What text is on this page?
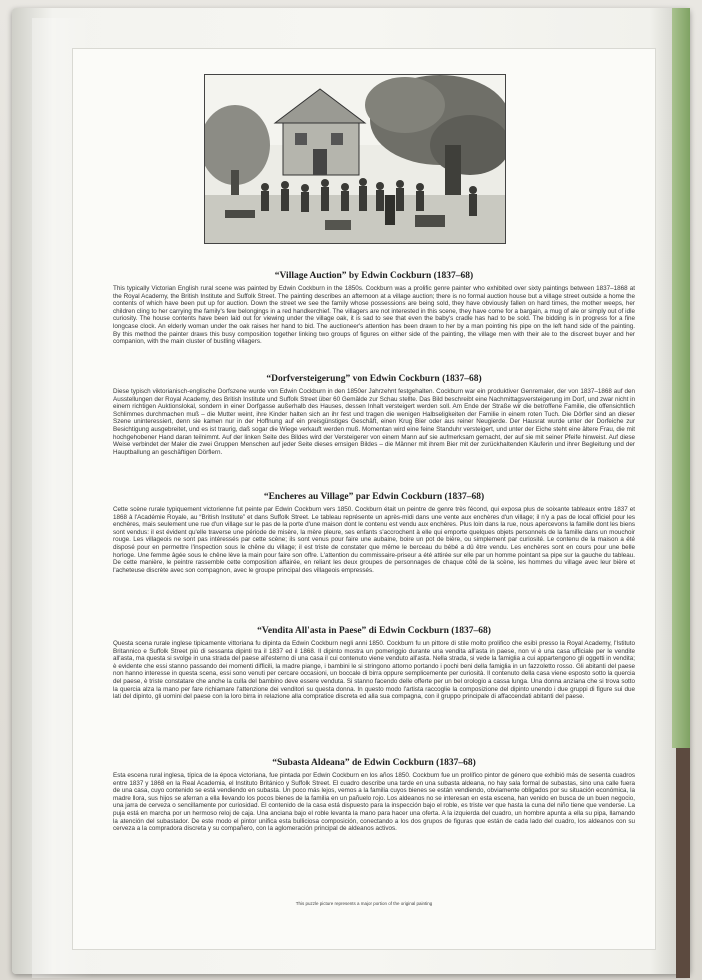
“Village Auction” by Edwin Cockburn (1837–68)

This typically Victorian English rural scene was painted by Edwin Cockburn in the 1850s. Cockburn was a prolific genre painter who exhibited over sixty paintings between 1837–1868 at the Royal Academy, the British Institute and Suffolk Street. The painting describes an afternoon at a village auction; there is no formal auction house but a village street outside a home the contents of which have been put up for auction. Down the street we see the family whose possessions are being sold, they have obviously fallen on hard times, the mother weeps, her children cling to her carrying the family's few belongings in a red handkerchief. The villagers are not interested in this scene, they have come for a bargain, a mug of ale or simply out of idle curiosity. The house contents have been laid out for viewing under the village oak, it is sad to see that even the baby's cradle has had to be sold. The bidding is in progress for a fine longcase clock. An elderly woman under the oak raises her hand to bid. The auctioneer's attention has been drawn to her by a man pointing his pipe on the left hand side of the painting. By this method the painter draws this busy composition together linking two groups of figures on either side of the painting, the village men with their ale to the discreet buyer and her companion, with the main cluster of bustling villagers.

“Dorfversteigerung” von Edwin Cockburn (1837–68)

Diese typisch viktorianisch-englische Dorfszene wurde von Edwin Cockburn in den 1850er Jahrzehnt festgehalten. Cockburn war ein produktiver Genremaler, der von 1837–1868 auf den Ausstellungen der Royal Academy, des British Institute und Suffolk Street über 60 Gemälde zur Schau stellte. Das Bild beschreibt eine Nachmittagsversteigerung im Dorf, und zwar nicht in einem richtigen Auktionslokal, sondern in einer Dorfgasse außerhalb des Hauses, dessen Inhalt versteigert werden soll. Am Ende der Straße wir die betroffene Familie, die offensichtlich Schlimmes durchmachen muß – die Mutter weint, ihre Kinder halten sich an ihr fest und tragen die wenigen Halbseligkeiten der Familie in einem roten Tuch. Die Dörfler sind an dieser Szene uninteressiert, denn sie kamen nur in der Hoffnung auf ein preisgünstiges Geschäft, einen Krug Bier oder aus reiner Neugierde. Der Hausrat wurde unter der Dorfeiche zur Besichtigung ausgebreitet, und es ist traurig, daß sogar die Wiege verkauft werden muß. Momentan wird eine feine Standuhr versteigert, und unter der Eiche steht eine ältere Frau, die mit hochgehobener Hand daran teilnimmt. Auf der linken Seite des Bildes wird der Versteigerer von einem Mann auf sie aufmerksam gemacht, der auf sie mit seiner Pfeife hinweist. Auf diese Weise verbindet der Maler die zwei Gruppen Menschen auf jeder Seite dieses emsigen Bildes – die Männer mit ihrem Bier mit der zurückhaltenden Käuferin und ihrer Begleitung und der Hauptballung an geschäftigen Dörflern.

“Encheres au Village” par Edwin Cockburn (1837–68)

Cette scène rurale typiquement victorienne fut peinte par Edwin Cockburn vers 1850. Cockburn était un peintre de genre très fécond, qui exposa plus de soixante tableaux entre 1837 et 1868 à l'Académie Royale, au “British Institute” et dans Suffolk Street. Le tableau représente un après-midi dans une vente aux enchères d'un village; il n'y a pas de local officiel pour les enchères, mais seulement une rue d'un village sur le pas de la porte d'une maison dont le contenu est vendu aux enchères. Plus loin dans la rue, nous apercevons la famille dont les biens sont vendus: il est évident qu'elle traverse une période de misère, la mère pleure, ses enfants s'accrochent à elle qui emporte quelques objets personnels de la famille dans un mouchoir rouge. Les villageois ne sont pas intéressés par cette scène; ils sont venus pour faire une aubaine, boire un pot de bière, ou simplement par curiosité. Le contenu de la maison a été disposé pour en permettre l'inspection sous le chêne du village; il est triste de constater que même le berceau du bébé a dû être vendu. Les enchères sont en cours pour une belle horloge. Une femme âgée sous le chêne lève la main pour faire son offre. L'attention du commissaire-priseur a été attirée sur elle par un homme pointant sa pipe sur la gauche du tableau. De cette manière, le peintre rassemble cette composition affairée, en reliant les deux groupes de personnages de chaque côté de la scène, les hommes du village avec leur bière et l'acheteuse discrète avec son compagnon, avec le groupe principal des villageois empressés.

“Vendita All'asta in Paese” di Edwin Cockburn (1837–68)

Questa scena rurale inglese tipicamente vittoriana fu dipinta da Edwin Cockburn negli anni 1850. Cockburn fu un pittore di stile molto prolifico che esibì presso la Royal Academy, l'Istituto Britannico e Suffolk Street più di sessanta dipinti tra il 1837 ed il 1868. Il dipinto mostra un pomeriggio durante una vendita all'asta in paese, non vi è una casa ufficiale per le vendite all'asta, ma questa si svolge in una strada del paese all'esterno di una casa il cui contenuto viene venduto all'asta. Nella strada, si vede la famiglia a cui appartengono gli oggetti in vendita; è evidente che essi stanno passando dei momenti difficili, la madre piange, i bambini le si stringono attorno portando i pochi beni della famiglia in un fazzoletto rosso. Gli abitanti del paese non hanno interesse in questa scena, essi sono venuti per cercare occasioni, un boccale di birra oppure semplicemente per curiosità. Il contenuto della casa viene esposto sotto la quercia del paese, è triste constatare che anche la culla del bambino deve essere venduta. Si stanno facendo delle offerte per un bel orologio a cassa lunga. Una donna anziana che si trova sotto la quercia alza la mano per fare richiamare l'attenzione dei venditori su questa donna. In questo modo l'artista raccoglie la composizione del dipinto unendo i due gruppi di figure sui due lati del dipinto, gli uomini del paese con la loro birra in relazione alla compratice discreta ed alla sua compagna, con il gruppo principale di affaccendati abitanti del paese.

“Subasta Aldeana” de Edwin Cockburn (1837–68)

Esta escena rural inglesa, típica de la época victoriana, fue pintada por Edwin Cockburn en los años 1850. Cockburn fue un prolífico pintor de género que exhibió más de sesenta cuadros entre 1837 y 1868 en la Real Academia, el Instituto Británico y Suffolk Street. El cuadro describe una tarde en una subasta aldeana, no hay sala formal de subastas, sino una calle fuera de una casa, cuyo contenido se está vendiendo en subasta. Un poco más lejos, vemos a la familia cuyos bienes se están vendiendo, obviamente obligados por su situación económica, la madre llora, sus hijos se aferran a ella llevando los pocos bienes de la familia en un pañuelo rojo. Los aldeanos no se interesan en esta escena, han venido en busca de un buen negocio, una jarra de cerveza o sencillamente por curiosidad. El contenido de la casa está dispuesto para la inspección bajo el roble, es triste ver que hasta la cuna del niño tiene que venderse. La puja está en marcha por un hermoso reloj de caja. Una anciana bajo el roble levanta la mano para hacer una oferta. A la izquierda del cuadro, un hombre apunta a ella su pipa, llamando la atención del subastador. De este modo el pintor unifica esta bulliciosa composición, conectando a los dos grupos de figuras que están de cada lado del cuadro, los aldeanos con su cerveza a la compradora discreta y su compañero, con la aglomeración principal de aldeanos activos.

This puzzle picture represents a major portion of the original painting
